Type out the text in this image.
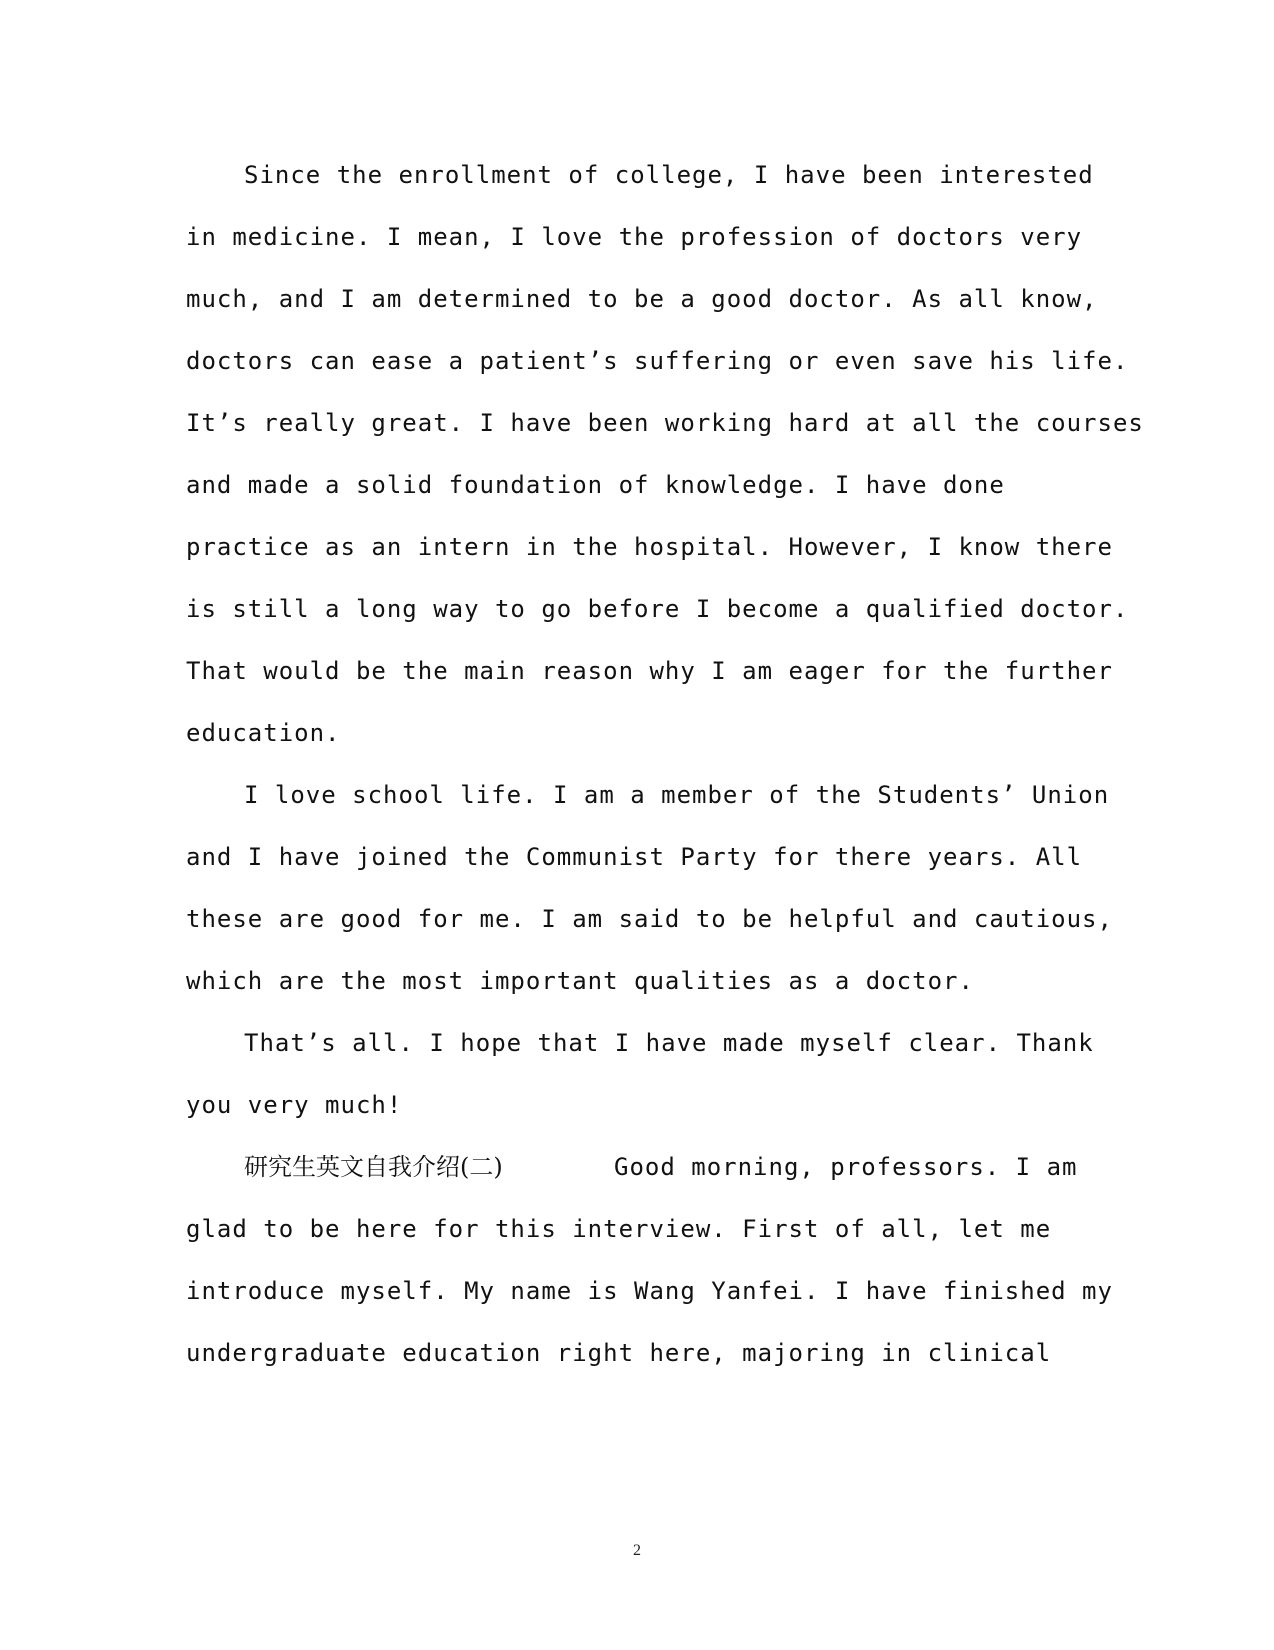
Since the enrollment of college, I have been interested
in medicine. I mean, I love the profession of doctors very
much, and I am determined to be a good doctor. As all know,
doctors can ease a patient’s suffering or even save his life.
It’s really great. I have been working hard at all the courses
and made a solid foundation of knowledge. I have done
practice as an intern in the hospital. However, I know there
is still a long way to go before I become a qualified doctor.
That would be the main reason why I am eager for the further
education.
I love school life. I am a member of the Students’ Union
and I have joined the Communist Party for there years. All
these are good for me. I am said to be helpful and cautious,
which are the most important qualities as a doctor.
That’s all. I hope that I have made myself clear. Thank
you very much!
研究生英文自我介绍(二)	Good morning, professors. I am
glad to be here for this interview. First of all, let me
introduce myself. My name is Wang Yanfei. I have finished my
undergraduate education right here, majoring in clinical
2
